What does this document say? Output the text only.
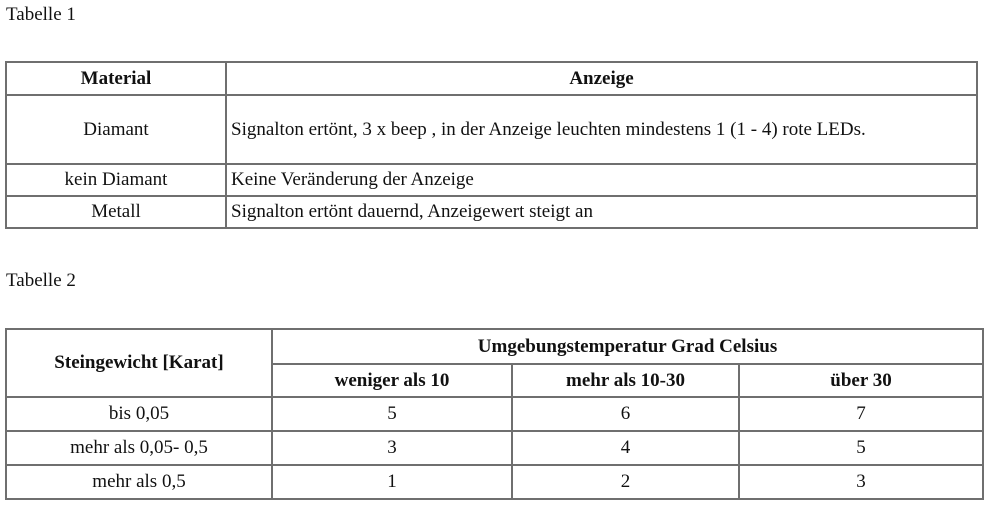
Tabelle 1

Material	Anzeige
Diamant	Signalton ertönt, 3 x beep , in der Anzeige leuchten mindestens 1 (1 - 4) rote LEDs.
kein Diamant	Keine Veränderung der Anzeige
Metall	Signalton ertönt dauernd, Anzeigewert steigt an

Tabelle 2

Steingewicht [Karat]	Umgebungstemperatur Grad Celsius		
	weniger als 10	mehr als 10-30	über 30
bis 0,05	5	6	7
mehr als 0,05- 0,5	3	4	5
mehr als 0,5	1	2	3
